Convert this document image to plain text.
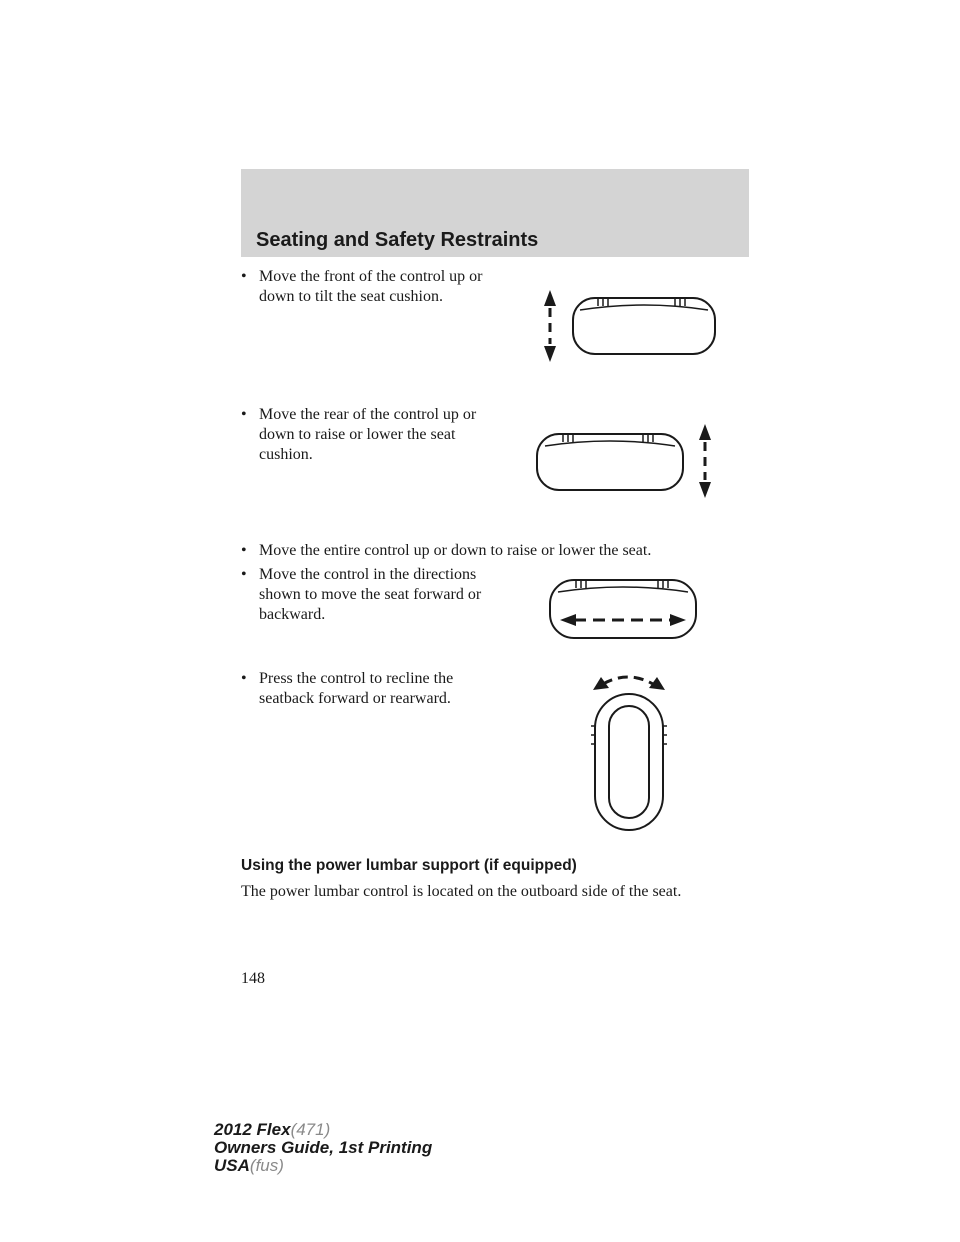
Seating and Safety Restraints
• Move the front of the control up or down to tilt the seat cushion.
• Move the rear of the control up or down to raise or lower the seat cushion.
• Move the entire control up or down to raise or lower the seat.
• Move the control in the directions shown to move the seat forward or backward.
• Press the control to recline the seatback forward or rearward.
Using the power lumbar support (if equipped)
The power lumbar control is located on the outboard side of the seat.
148
2012 Flex(471)
Owners Guide, 1st Printing
USA(fus)
